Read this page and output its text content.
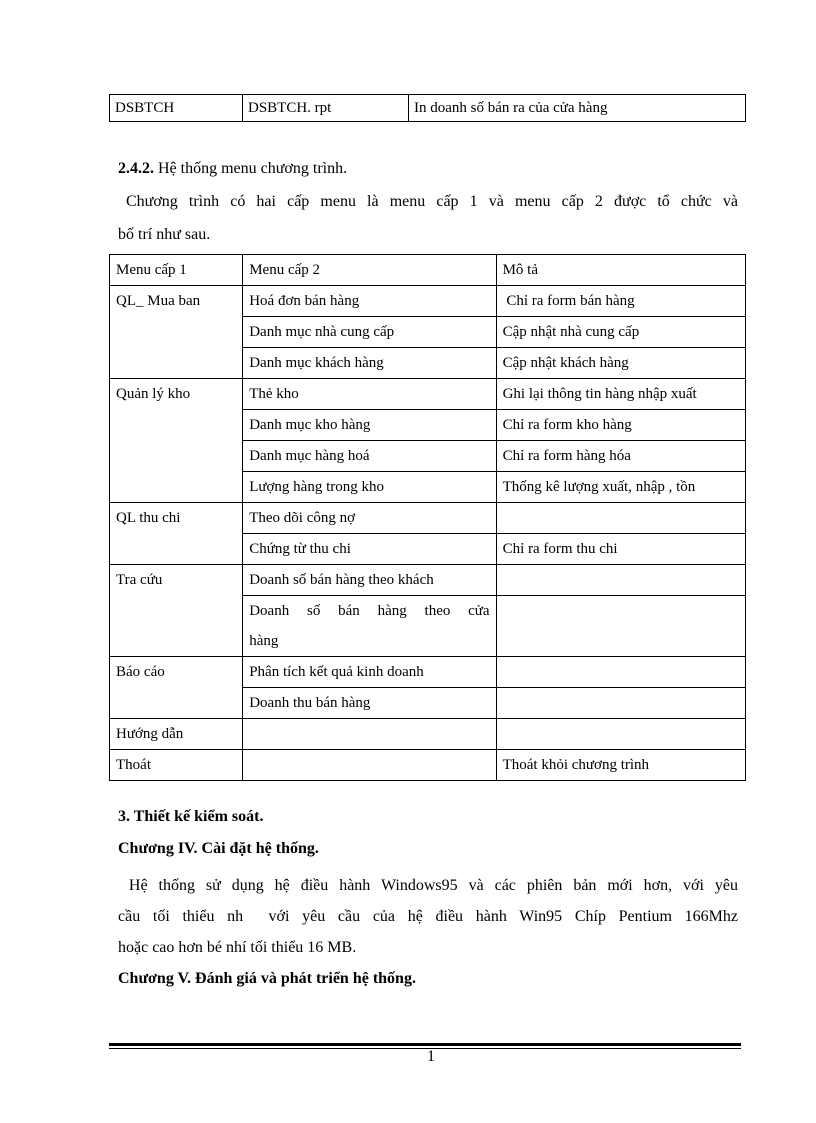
DSBTCH	DSBTCH. rpt	In doanh số bán ra của cửa hàng
2.4.2. Hệ thống menu chương trình.
Chương trình có hai cấp menu là menu cấp 1 và menu cấp 2 được tổ chức và
bố trí như sau.
Menu cấp 1	Menu cấp 2	Mô tả
QL_ Mua ban	Hoá đơn bán hàng	Chỉ ra form bán hàng
	Danh mục nhà cung cấp	Cập nhật nhà cung cấp
	Danh mục khách hàng	Cập nhật khách hàng
Quản lý kho	Thẻ kho	Ghi lại thông tin hàng nhập xuất
	Danh mục kho hàng	Chỉ ra form kho hàng
	Danh mục hàng hoá	Chỉ ra form hàng hóa
	Lượng hàng trong kho	Thống kê lượng xuất, nhập , tồn
QL thu chi	Theo dõi công nợ	
	Chứng từ thu chi	Chỉ ra form thu chi
Tra cứu	Doanh số bán hàng theo khách	

	Doanh số bán hàng theo cửa
hàng	

Báo cáo	Phân tích kết quả kinh doanh	
	Doanh thu bán hàng	
Hướng dẫn		
Thoát		Thoát khỏi chương trình
3. Thiết kế kiểm soát.
Chương IV. Cài đặt hệ thống.
Hệ thống sử dụng hệ điều hành Windows95 và các phiên bản mới hơn, với yêu
cầu tối thiểu nh  với yêu cầu của hệ điều hành Win95 Chíp Pentium 166Mhz
hoặc cao hơn bé nhí tối thiểu 16 MB.
Chương V. Đánh giá và phát triển hệ thống.
1
